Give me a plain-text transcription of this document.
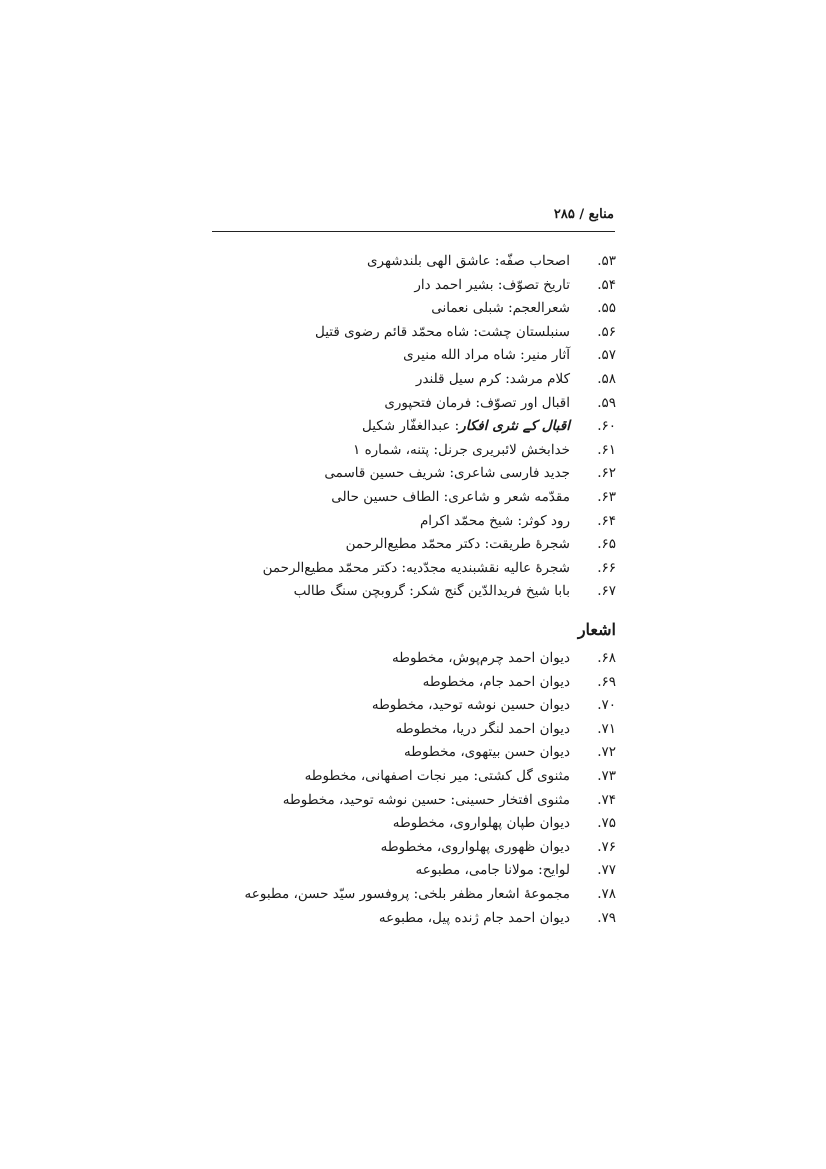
منابع / ۲۸۵
۵۳.
اصحاب صفّه: عاشق الهی بلندشهری
۵۴.
تاریخ تصوّف: بشیر احمد دار
۵۵.
شعرالعجم: شبلی نعمانی
۵۶.
سنبلستان چشت: شاه محمّد قائم رضوی قتیل
۵۷.
آثار منیر: شاه مراد الله منیری
۵۸.
کلام مرشد: کرم سیل قلندر
۵۹.
اقبال اور تصوّف: فرمان فتحپوری
۶۰.
اقبال کے نثری افکار: عبدالغفّار شکیل
۶۱.
خدابخش لائبریری جرنل: پتنه، شماره ۱
۶۲.
جدید فارسی شاعری: شریف حسین قاسمی
۶۳.
مقدّمه شعر و شاعری: الطاف حسین حالی
۶۴.
رود کوثر: شیخ محمّد اکرام
۶۵.
شجرهٔ طریقت: دکتر محمّد مطیع‌الرحمن
۶۶.
شجرهٔ عالیه نقشبندیه مجدّدیه: دکتر محمّد مطیع‌الرحمن
۶۷.
بابا شیخ فریدالدّین گنج شکر: گروبچن سنگ طالب
اشعار
۶۸.
دیوان احمد چرم‌پوش، مخطوطه
۶۹.
دیوان احمد جام، مخطوطه
۷۰.
دیوان حسین نوشه توحید، مخطوطه
۷۱.
دیوان احمد لنگر دریا، مخطوطه
۷۲.
دیوان حسن بیتهوی، مخطوطه
۷۳.
مثنوی گل کشتی: میر نجات اصفهانی، مخطوطه
۷۴.
مثنوی افتخار حسینی: حسین نوشه توحید، مخطوطه
۷۵.
دیوان طپان پهلواروی، مخطوطه
۷۶.
دیوان ظهوری پهلواروی، مخطوطه
۷۷.
لوایح: مولانا جامی، مطبوعه
۷۸.
مجموعهٔ اشعار مظفر بلخی: پروفسور سیّد حسن، مطبوعه
۷۹.
دیوان احمد جام ژنده پیل، مطبوعه
